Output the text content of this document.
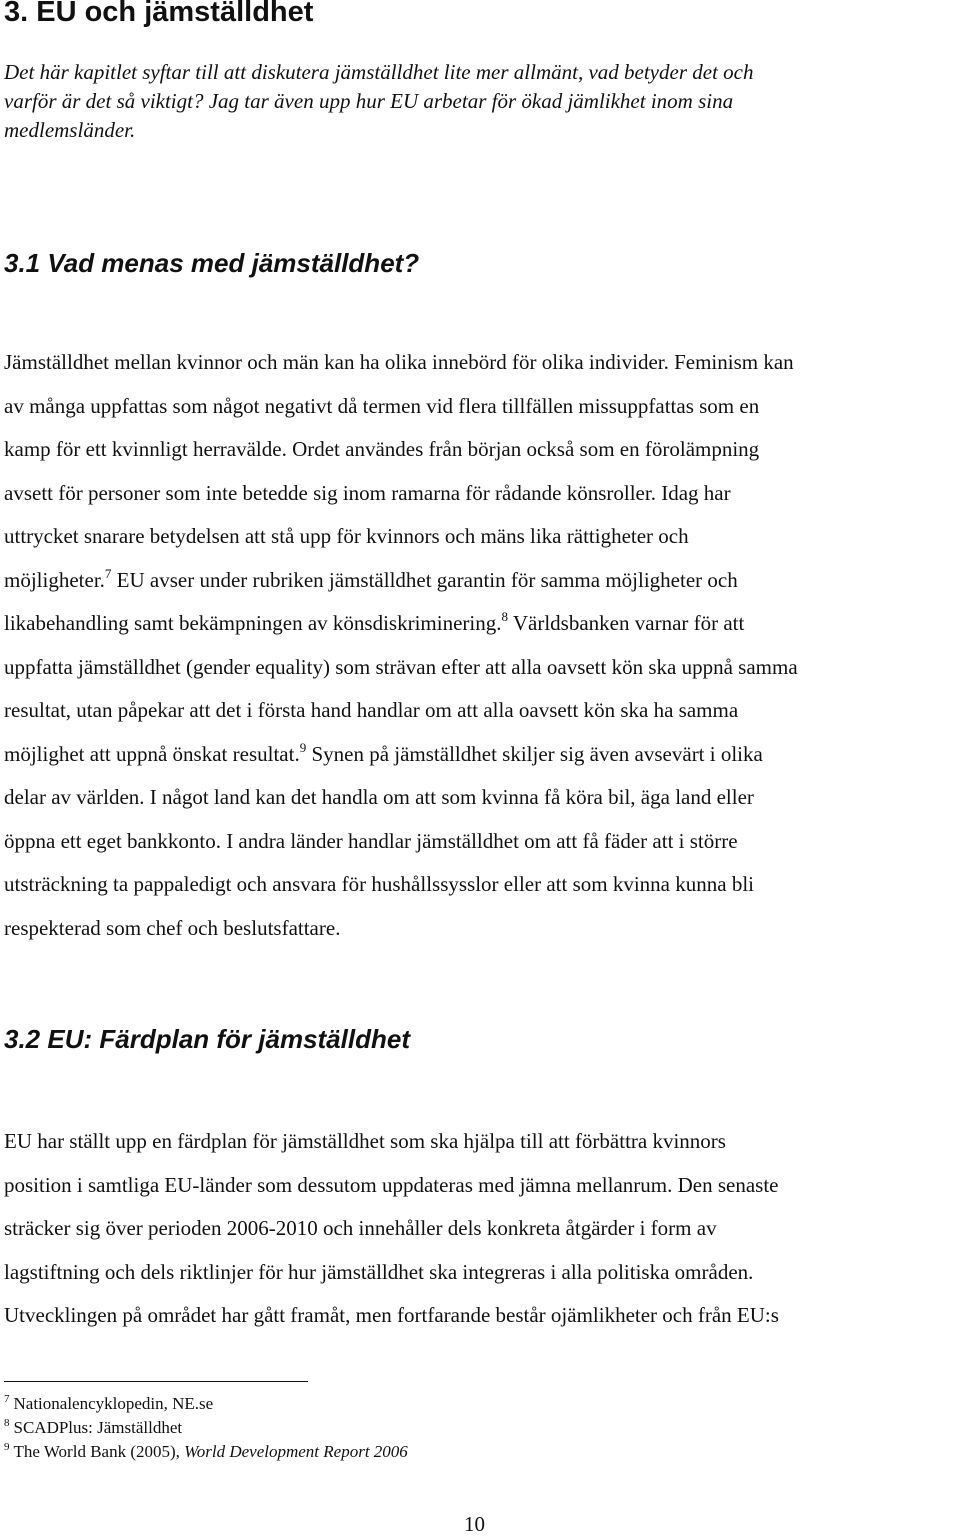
3. EU och jämställdhet
Det här kapitlet syftar till att diskutera jämställdhet lite mer allmänt, vad betyder det och
varför är det så viktigt? Jag tar även upp hur EU arbetar för ökad jämlikhet inom sina
medlemsländer.
3.1 Vad menas med jämställdhet?
Jämställdhet mellan kvinnor och män kan ha olika innebörd för olika individer. Feminism kan
av många uppfattas som något negativt då termen vid flera tillfällen missuppfattas som en
kamp för ett kvinnligt herravälde. Ordet användes från början också som en förolämpning
avsett för personer som inte betedde sig inom ramarna för rådande könsroller. Idag har
uttrycket snarare betydelsen att stå upp för kvinnors och mäns lika rättigheter och
möjligheter.$^7$ EU avser under rubriken jämställdhet garantin för samma möjligheter och
likabehandling samt bekämpningen av könsdiskriminering.$^8$ Världsbanken varnar för att
uppfatta jämställdhet (gender equality) som strävan efter att alla oavsett kön ska uppnå samma
resultat, utan påpekar att det i första hand handlar om att alla oavsett kön ska ha samma
möjlighet att uppnå önskat resultat.$^9$ Synen på jämställdhet skiljer sig även avsevärt i olika
delar av världen. I något land kan det handla om att som kvinna få köra bil, äga land eller
öppna ett eget bankkonto. I andra länder handlar jämställdhet om att få fäder att i större
utsträckning ta pappaledigt och ansvara för hushållssysslor eller att som kvinna kunna bli
respekterad som chef och beslutsfattare.
3.2 EU: Färdplan för jämställdhet
EU har ställt upp en färdplan för jämställdhet som ska hjälpa till att förbättra kvinnors
position i samtliga EU-länder som dessutom uppdateras med jämna mellanrum. Den senaste
sträcker sig över perioden 2006-2010 och innehåller dels konkreta åtgärder i form av
lagstiftning och dels riktlinjer för hur jämställdhet ska integreras i alla politiska områden.
Utvecklingen på området har gått framåt, men fortfarande består ojämlikheter och från EU:s
$^7$ Nationalencyklopedin, NE.se
$^8$ SCADPlus: Jämställdhet
$^9$ The World Bank (2005), World Development Report 2006
10
